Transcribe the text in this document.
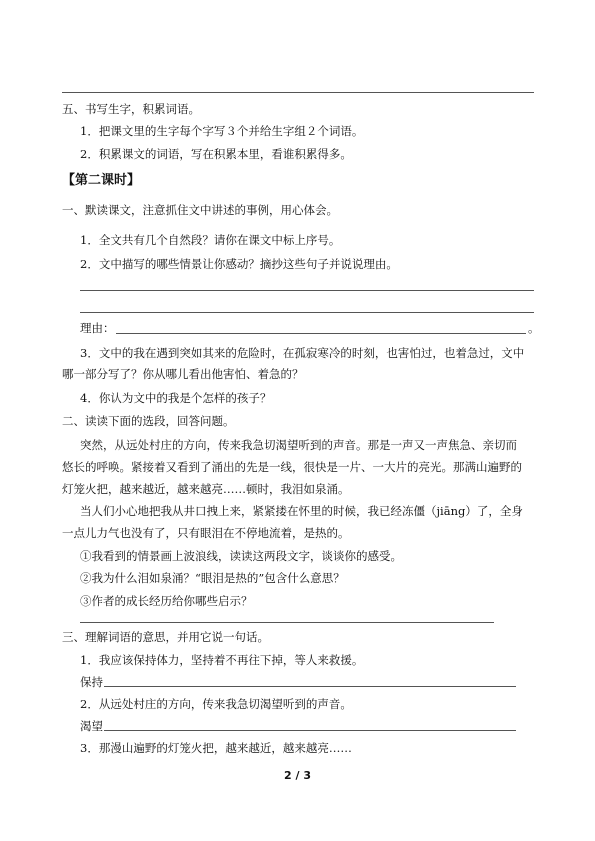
五、书写生字，积累词语。
1．把课文里的生字每个字写３个并给生字组２个词语。
2．积累课文的词语，写在积累本里，看谁积累得多。
【第二课时】
一、默读课文，注意抓住文中讲述的事例，用心体会。
1．全文共有几个自然段？请你在课文中标上序号。
2．文中描写的哪些情景让你感动？摘抄这些句子并说说理由。
理由：	。
3．文中的我在遇到突如其来的危险时，在孤寂寒冷的时刻，也害怕过，也着急过，文中
哪一部分写了？你从哪儿看出他害怕、着急的？
4．你认为文中的我是个怎样的孩子？
二、读读下面的选段，回答问题。
突然，从远处村庄的方向，传来我急切渴望听到的声音。那是一声又一声焦急、亲切而
悠长的呼唤。紧接着又看到了涌出的先是一线，很快是一片、一大片的亮光。那满山遍野的
灯笼火把，越来越近，越来越亮……顿时，我泪如泉涌。
当人们小心地把我从井口拽上来，紧紧搂在怀里的时候，我已经冻僵（jiāng）了，全身
一点儿力气也没有了，只有眼泪在不停地流着，是热的。
①我看到的情景画上波浪线，读读这两段文字，谈谈你的感受。
②我为什么泪如泉涌？“眼泪是热的”包含什么意思？
③作者的成长经历给你哪些启示？
三、理解词语的意思，并用它说一句话。
1．我应该保持体力，坚持着不再往下掉，等人来救援。
保持
2．从远处村庄的方向，传来我急切渴望听到的声音。
渴望
3．那漫山遍野的灯笼火把，越来越近，越来越亮……
2 / 3
